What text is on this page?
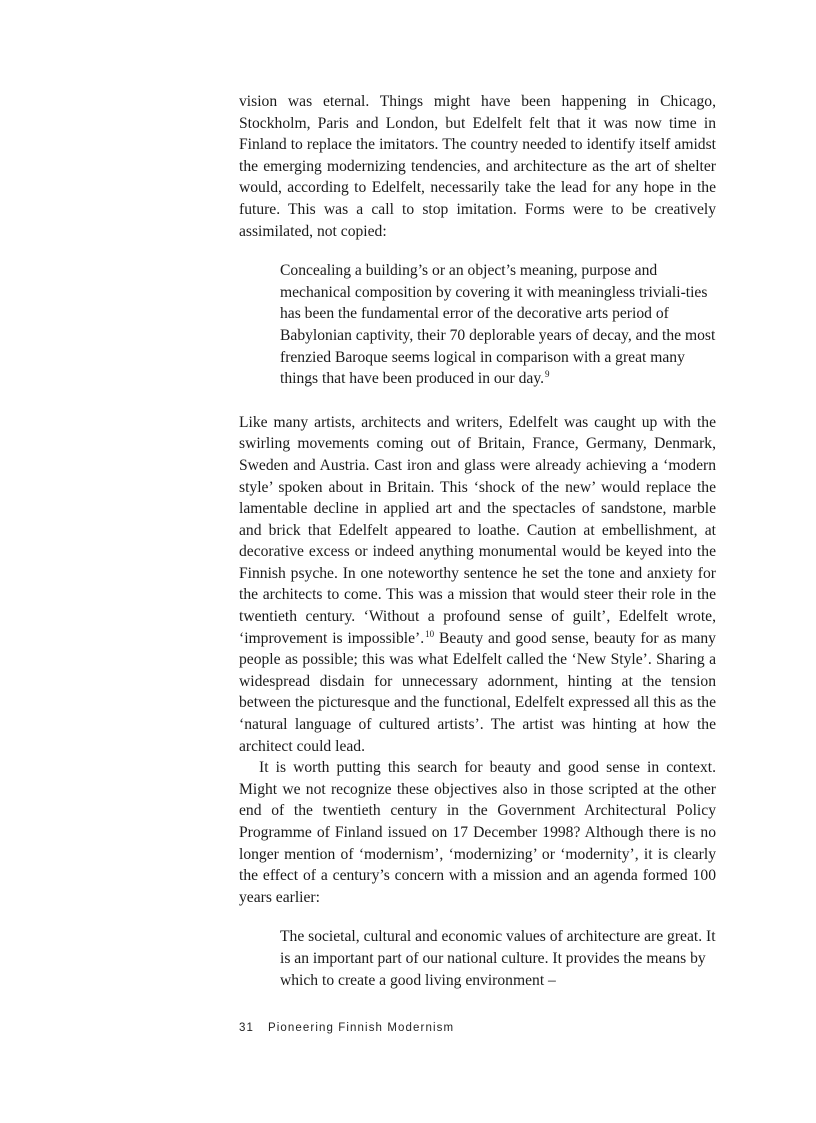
vision was eternal. Things might have been happening in Chicago, Stockholm, Paris and London, but Edelfelt felt that it was now time in Finland to replace the imitators. The country needed to identify itself amidst the emerging modernizing tendencies, and architecture as the art of shelter would, according to Edelfelt, necessarily take the lead for any hope in the future. This was a call to stop imitation. Forms were to be creatively assimilated, not copied:

Concealing a building’s or an object’s meaning, purpose and mechanical composition by covering it with meaningless triviali-ties has been the fundamental error of the decorative arts period of Babylonian captivity, their 70 deplorable years of decay, and the most frenzied Baroque seems logical in comparison with a great many things that have been produced in our day.$^9$

Like many artists, architects and writers, Edelfelt was caught up with the swirling movements coming out of Britain, France, Germany, Denmark, Sweden and Austria. Cast iron and glass were already achieving a ‘modern style’ spoken about in Britain. This ‘shock of the new’ would replace the lamentable decline in applied art and the spectacles of sandstone, marble and brick that Edelfelt appeared to loathe. Caution at embellishment, at decorative excess or indeed anything monumental would be keyed into the Finnish psyche. In one noteworthy sentence he set the tone and anxiety for the architects to come. This was a mission that would steer their role in the twentieth century. ‘Without a profound sense of guilt’, Edelfelt wrote, ‘improvement is impossible’.$^{10}$ Beauty and good sense, beauty for as many people as possible; this was what Edelfelt called the ‘New Style’. Sharing a widespread disdain for unnecessary adornment, hinting at the tension between the picturesque and the functional, Edelfelt expressed all this as the ‘natural language of cultured artists’. The artist was hinting at how the architect could lead.

It is worth putting this search for beauty and good sense in context. Might we not recognize these objectives also in those scripted at the other end of the twentieth century in the Government Architectural Policy Programme of Finland issued on 17 December 1998? Although there is no longer mention of ‘modernism’, ‘modernizing’ or ‘modernity’, it is clearly the effect of a century’s concern with a mission and an agenda formed 100 years earlier:

The societal, cultural and economic values of architecture are great. It is an important part of our national culture. It provides the means by which to create a good living environment –
31 Pioneering Finnish Modernism
